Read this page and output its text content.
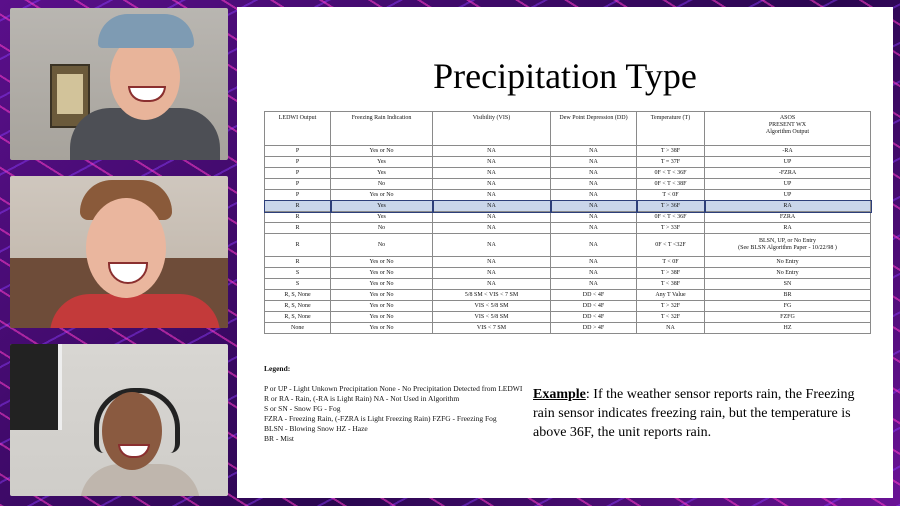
Precipitation Type
LEDWI Output	Freezing Rain Indication	Visibility (VIS)	Dew Point Depression (DD)	Temperature (T)	ASOS
PRESENT WX
Algorithm Output
P	Yes or No	NA	NA	T > 38F	-RA
P	Yes	NA	NA	T = 37F	UP
P	Yes	NA	NA	0F < T < 36F	-FZRA
P	No	NA	NA	0F < T < 38F	UP
P	Yes or No	NA	NA	T < 0F	UP
R	Yes	NA	NA	T > 36F	RA
R	Yes	NA	NA	0F < T < 36F	FZRA
R	No	NA	NA	T > 33F	RA
R	No	NA	NA	0F < T <32F	BLSN, UP, or No Entry
(See BLSN Algorithm Paper - 10/22/98 )
R	Yes or No	NA	NA	T < 0F	No Entry
S	Yes or No	NA	NA	T > 38F	No Entry
S	Yes or No	NA	NA	T < 38F	SN
R, S, None	Yes or No	5/8 SM < VIS < 7 SM	DD < 4F	Any T Value	BR
R, S, None	Yes or No	VIS < 5/8 SM	DD < 4F	T > 32F	FG
R, S, None	Yes or No	VIS < 5/8 SM	DD < 4F	T < 32F	FZFG
None	Yes or No	VIS < 7 SM	DD > 4F	NA	HZ
Legend:
P or UP - Light Unkown Precipitation None - No Precipitation Detected from LEDWI
R or RA - Rain, (-RA is Light Rain) NA - Not Used in Algorithm
S or SN - Snow FG - Fog
FZRA - Freezing Rain, (-FZRA is Light Freezing Rain) FZFG - Freezing Fog
BLSN - Blowing Snow HZ - Haze
BR - Mist
Example: If the weather sensor reports rain, the Freezing rain sensor indicates freezing rain, but the temperature is above 36F, the unit reports rain.
